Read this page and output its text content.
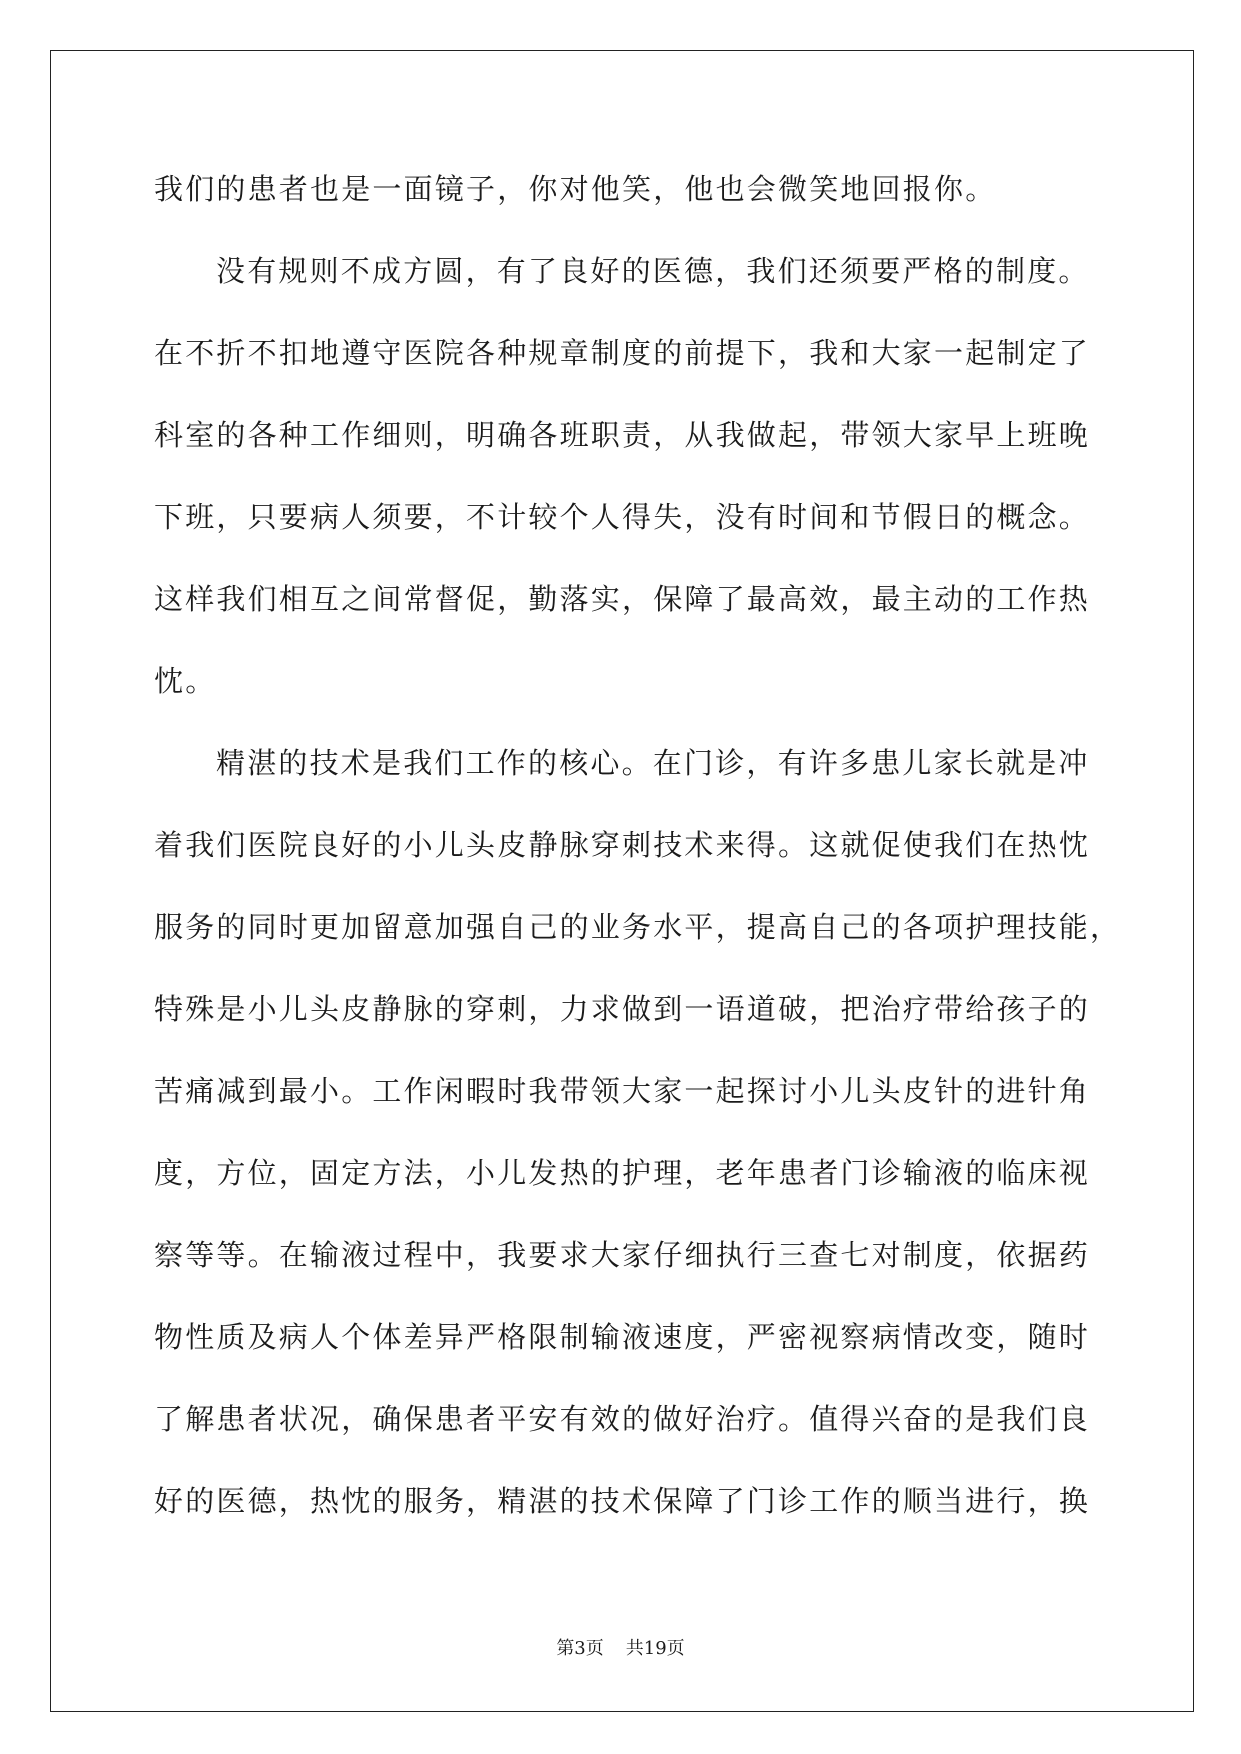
我们的患者也是一面镜子，你对他笑，他也会微笑地回报你。
没有规则不成方圆，有了良好的医德，我们还须要严格的制度。
在不折不扣地遵守医院各种规章制度的前提下，我和大家一起制定了
科室的各种工作细则，明确各班职责，从我做起，带领大家早上班晚
下班，只要病人须要，不计较个人得失，没有时间和节假日的概念。
这样我们相互之间常督促，勤落实，保障了最高效，最主动的工作热
忱。
精湛的技术是我们工作的核心。在门诊，有许多患儿家长就是冲
着我们医院良好的小儿头皮静脉穿刺技术来得。这就促使我们在热忱
服务的同时更加留意加强自己的业务水平，提高自己的各项护理技能，
特殊是小儿头皮静脉的穿刺，力求做到一语道破，把治疗带给孩子的
苦痛减到最小。工作闲暇时我带领大家一起探讨小儿头皮针的进针角
度，方位，固定方法，小儿发热的护理，老年患者门诊输液的临床视
察等等。在输液过程中，我要求大家仔细执行三查七对制度，依据药
物性质及病人个体差异严格限制输液速度，严密视察病情改变，随时
了解患者状况，确保患者平安有效的做好治疗。值得兴奋的是我们良
好的医德，热忱的服务，精湛的技术保障了门诊工作的顺当进行，换
第3页 共19页
